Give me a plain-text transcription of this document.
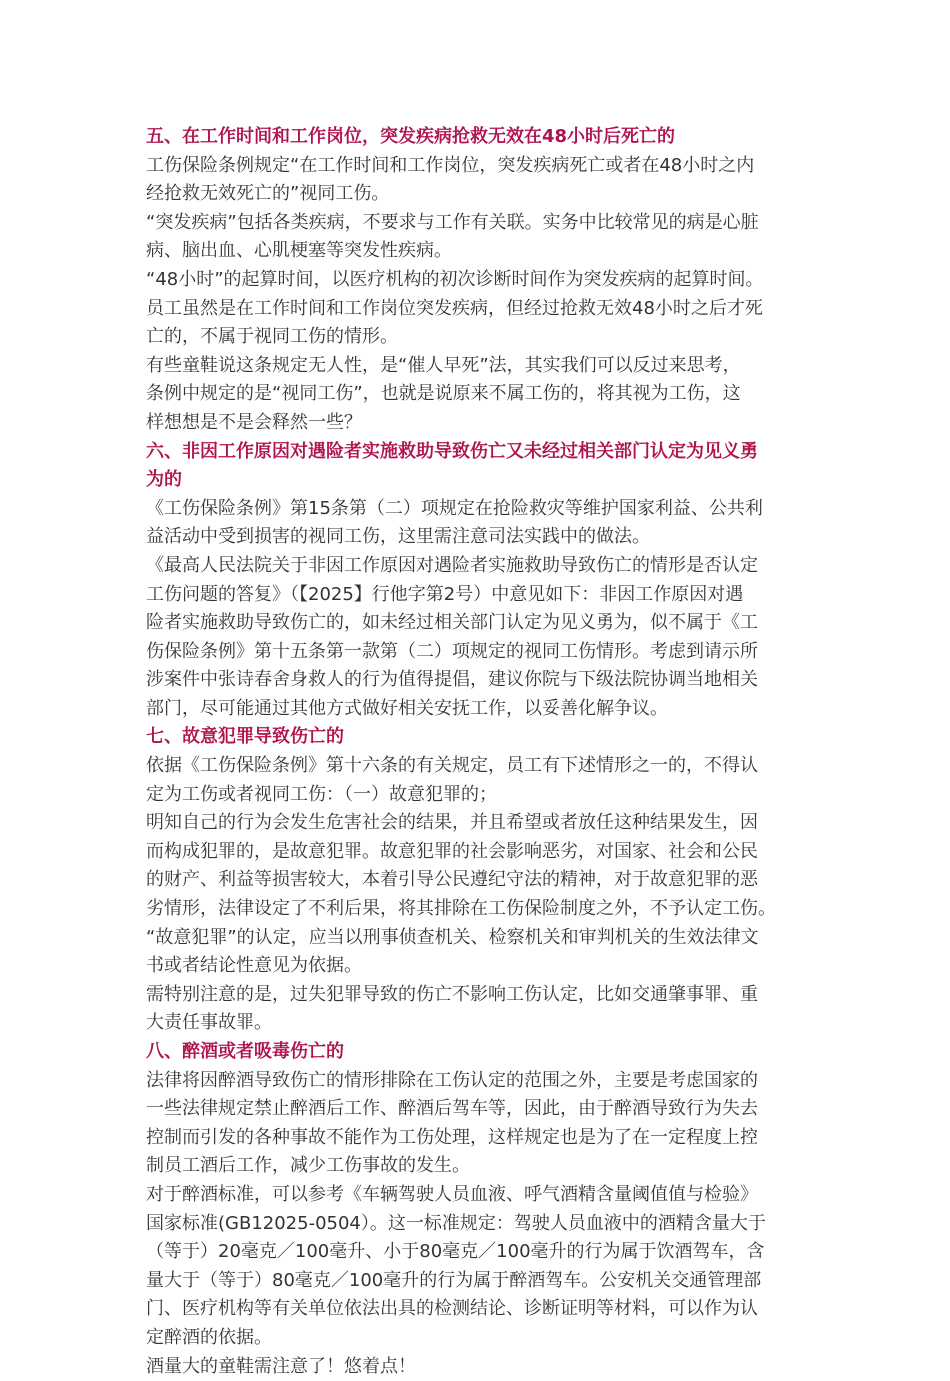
五、在工作时间和工作岗位，突发疾病抢救无效在48小时后死亡的

工伤保险条例规定“在工作时间和工作岗位，突发疾病死亡或者在48小时之内
经抢救无效死亡的”视同工伤。

“突发疾病”包括各类疾病，不要求与工作有关联。实务中比较常见的病是心脏
病、脑出血、心肌梗塞等突发性疾病。

“48小时”的起算时间，以医疗机构的初次诊断时间作为突发疾病的起算时间。
员工虽然是在工作时间和工作岗位突发疾病，但经过抢救无效48小时之后才死
亡的，不属于视同工伤的情形。

有些童鞋说这条规定无人性，是“催人早死”法，其实我们可以反过来思考，
条例中规定的是“视同工伤”，也就是说原来不属工伤的，将其视为工伤，这
样想想是不是会释然一些？

六、非因工作原因对遇险者实施救助导致伤亡又未经过相关部门认定为见义勇
为的

《工伤保险条例》第15条第（二）项规定在抢险救灾等维护国家利益、公共利
益活动中受到损害的视同工伤，这里需注意司法实践中的做法。

《最高人民法院关于非因工作原因对遇险者实施救助导致伤亡的情形是否认定
工伤问题的答复》（【2025】行他字第2号）中意见如下：非因工作原因对遇
险者实施救助导致伤亡的，如未经过相关部门认定为见义勇为，似不属于《工
伤保险条例》第十五条第一款第（二）项规定的视同工伤情形。考虑到请示所
涉案件中张诗春舍身救人的行为值得提倡，建议你院与下级法院协调当地相关
部门，尽可能通过其他方式做好相关安抚工作，以妥善化解争议。

七、故意犯罪导致伤亡的

依据《工伤保险条例》第十六条的有关规定，员工有下述情形之一的，不得认
定为工伤或者视同工伤：（一）故意犯罪的；

明知自己的行为会发生危害社会的结果，并且希望或者放任这种结果发生，因
而构成犯罪的，是故意犯罪。故意犯罪的社会影响恶劣，对国家、社会和公民
的财产、利益等损害较大，本着引导公民遵纪守法的精神，对于故意犯罪的恶
劣情形，法律设定了不利后果，将其排除在工伤保险制度之外，不予认定工伤。

“故意犯罪”的认定，应当以刑事侦查机关、检察机关和审判机关的生效法律文
书或者结论性意见为依据。

需特别注意的是，过失犯罪导致的伤亡不影响工伤认定，比如交通肇事罪、重
大责任事故罪。

八、醉酒或者吸毒伤亡的

法律将因醉酒导致伤亡的情形排除在工伤认定的范围之外，主要是考虑国家的
一些法律规定禁止醉酒后工作、醉酒后驾车等，因此，由于醉酒导致行为失去
控制而引发的各种事故不能作为工伤处理，这样规定也是为了在一定程度上控
制员工酒后工作，减少工伤事故的发生。

对于醉酒标准，可以参考《车辆驾驶人员血液、呼气酒精含量阈值值与检验》
国家标准(GB12025-0504）。这一标准规定：驾驶人员血液中的酒精含量大于
（等于）20毫克／100毫升、小于80毫克／100毫升的行为属于饮酒驾车，含
量大于（等于）80毫克／100毫升的行为属于醉酒驾车。公安机关交通管理部
门、医疗机构等有关单位依法出具的检测结论、诊断证明等材料，可以作为认
定醉酒的依据。

酒量大的童鞋需注意了！悠着点！
